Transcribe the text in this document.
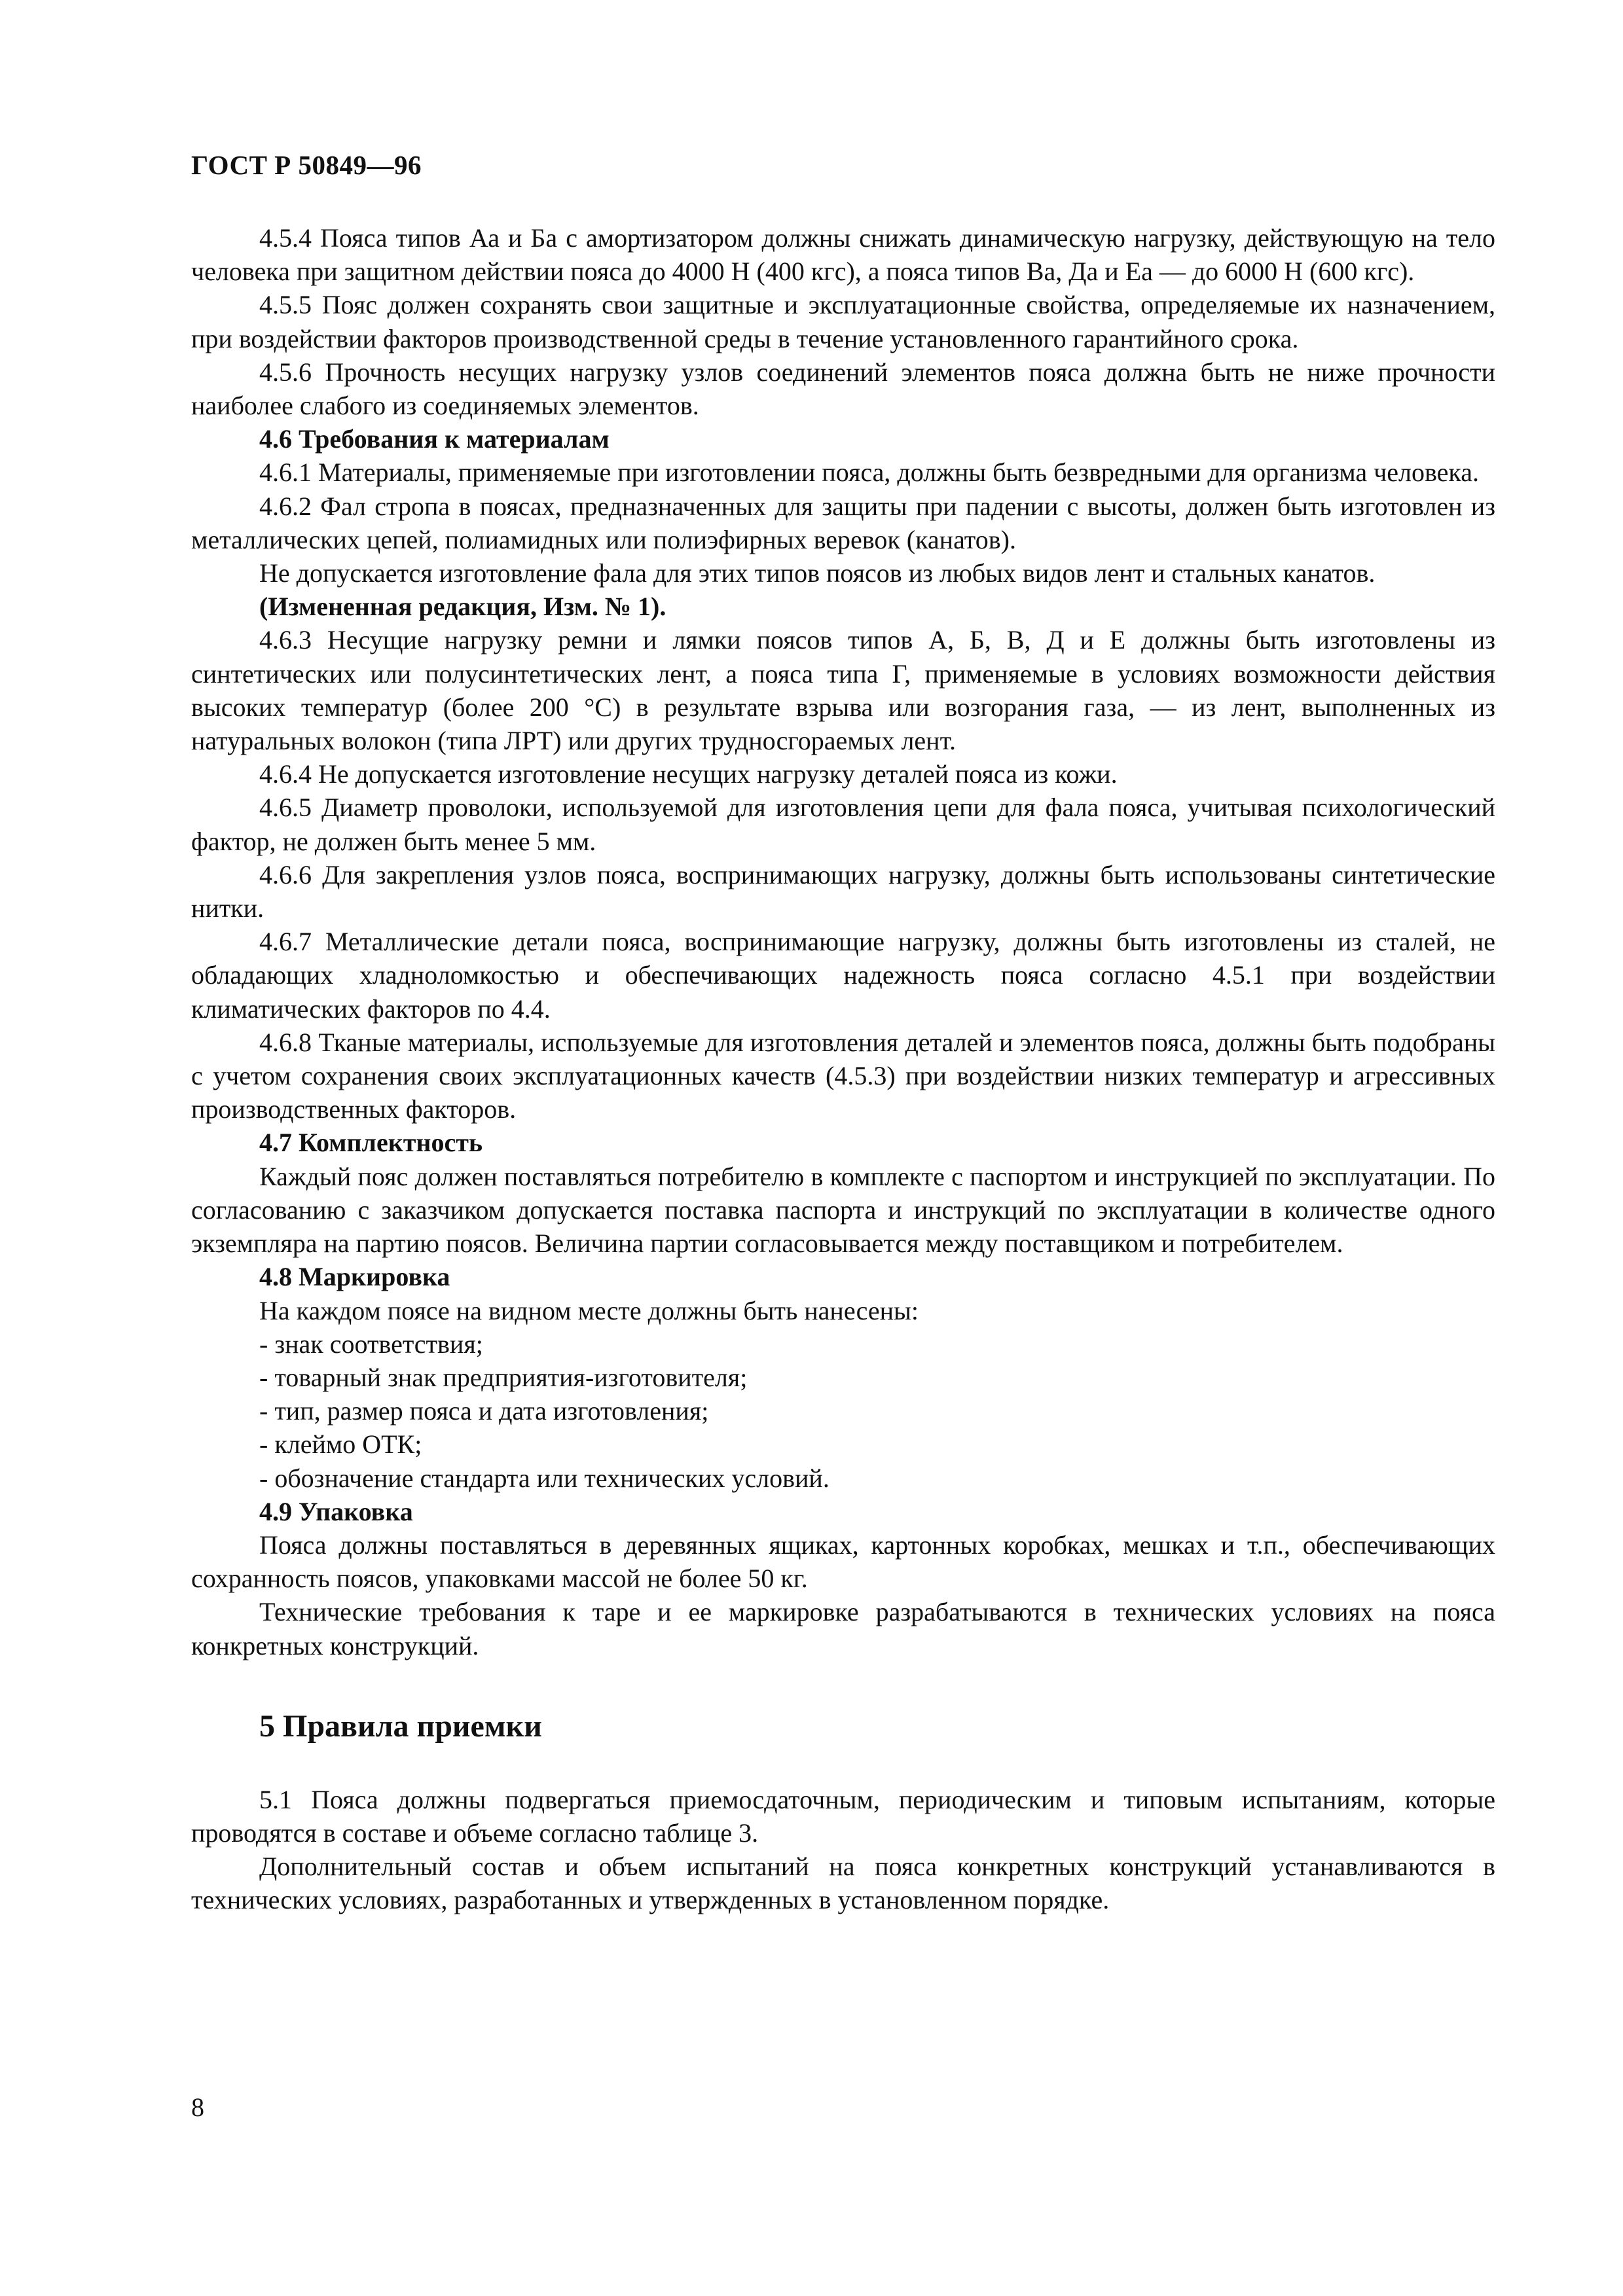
ГОСТ Р 50849—96

4.5.4 Пояса типов Аа и Ба с амортизатором должны снижать динамическую нагрузку, действующую на тело человека при защитном действии пояса до 4000 Н (400 кгс), а пояса типов Ва, Да и Еа — до 6000 Н (600 кгс).

4.5.5 Пояс должен сохранять свои защитные и эксплуатационные свойства, определяемые их назначением, при воздействии факторов производственной среды в течение установленного гарантийного срока.

4.5.6 Прочность несущих нагрузку узлов соединений элементов пояса должна быть не ниже прочности наиболее слабого из соединяемых элементов.

4.6 Требования к материалам

4.6.1 Материалы, применяемые при изготовлении пояса, должны быть безвредными для организма человека.

4.6.2 Фал стропа в поясах, предназначенных для защиты при падении с высоты, должен быть изготовлен из металлических цепей, полиамидных или полиэфирных веревок (канатов).

Не допускается изготовление фала для этих типов поясов из любых видов лент и стальных канатов.

(Измененная редакция, Изм. № 1).

4.6.3 Несущие нагрузку ремни и лямки поясов типов А, Б, В, Д и Е должны быть изготовлены из синтетических или полусинтетических лент, а пояса типа Г, применяемые в условиях возможности действия высоких температур (более 200 °С) в результате взрыва или возгорания газа, — из лент, выполненных из натуральных волокон (типа ЛРТ) или других трудносгораемых лент.

4.6.4 Не допускается изготовление несущих нагрузку деталей пояса из кожи.

4.6.5 Диаметр проволоки, используемой для изготовления цепи для фала пояса, учитывая психологический фактор, не должен быть менее 5 мм.

4.6.6 Для закрепления узлов пояса, воспринимающих нагрузку, должны быть использованы синтетические нитки.

4.6.7 Металлические детали пояса, воспринимающие нагрузку, должны быть изготовлены из сталей, не обладающих хладноломкостью и обеспечивающих надежность пояса согласно 4.5.1 при воздействии климатических факторов по 4.4.

4.6.8 Тканые материалы, используемые для изготовления деталей и элементов пояса, должны быть подобраны с учетом сохранения своих эксплуатационных качеств (4.5.3) при воздействии низких температур и агрессивных производственных факторов.

4.7 Комплектность

Каждый пояс должен поставляться потребителю в комплекте с паспортом и инструкцией по эксплуатации. По согласованию с заказчиком допускается поставка паспорта и инструкций по эксплуатации в количестве одного экземпляра на партию поясов. Величина партии согласовывается между поставщиком и потребителем.

4.8 Маркировка

На каждом поясе на видном месте должны быть нанесены:

- знак соответствия;

- товарный знак предприятия-изготовителя;

- тип, размер пояса и дата изготовления;

- клеймо ОТК;

- обозначение стандарта или технических условий.

4.9 Упаковка

Пояса должны поставляться в деревянных ящиках, картонных коробках, мешках и т.п., обеспечивающих сохранность поясов, упаковками массой не более 50 кг.

Технические требования к таре и ее маркировке разрабатываются в технических условиях на пояса конкретных конструкций.

5 Правила приемки

5.1 Пояса должны подвергаться приемосдаточным, периодическим и типовым испытаниям, которые проводятся в составе и объеме согласно таблице 3.

Дополнительный состав и объем испытаний на пояса конкретных конструкций устанавливаются в технических условиях, разработанных и утвержденных в установленном порядке.

8
